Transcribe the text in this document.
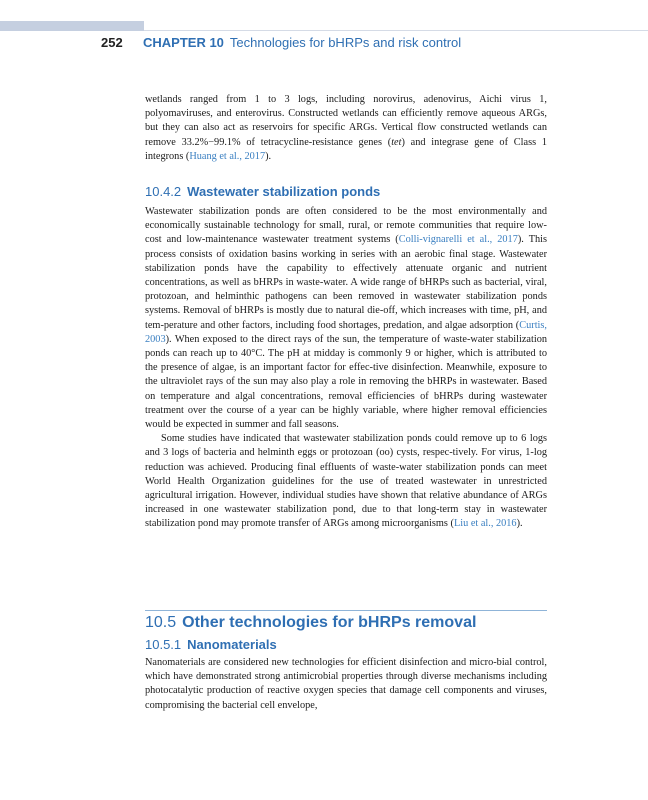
252	CHAPTER 10 Technologies for bHRPs and risk control

wetlands ranged from 1 to 3 logs, including norovirus, adenovirus, Aichi virus 1, polyomaviruses, and enterovirus. Constructed wetlands can efficiently remove aqueous ARGs, but they can also act as reservoirs for specific ARGs. Vertical flow constructed wetlands can remove 33.2%−99.1% of tetracycline-resistance genes (tet) and integrase gene of Class 1 integrons (Huang et al., 2017).

10.4.2 Wastewater stabilization ponds

Wastewater stabilization ponds are often considered to be the most environmentally and economically sustainable technology for small, rural, or remote communities that require low-cost and low-maintenance wastewater treatment systems (Colli-vignarelli et al., 2017). This process consists of oxidation basins working in series with an aerobic final stage. Wastewater stabilization ponds have the capability to effectively attenuate organic and nutrient concentrations, as well as bHRPs in waste-water. A wide range of bHRPs such as bacterial, viral, protozoan, and helminthic pathogens can been removed in wastewater stabilization ponds systems. Removal of bHRPs is mostly due to natural die-off, which increases with time, pH, and tem-perature and other factors, including food shortages, predation, and algae adsorption (Curtis, 2003). When exposed to the direct rays of the sun, the temperature of waste-water stabilization ponds can reach up to 40°C. The pH at midday is commonly 9 or higher, which is attributed to the presence of algae, is an important factor for effec-tive disinfection. Meanwhile, exposure to the ultraviolet rays of the sun may also play a role in removing the bHRPs in wastewater. Based on temperature and algal concentrations, removal efficiencies of bHRPs during wastewater treatment over the course of a year can be highly variable, where higher removal efficiencies would be expected in summer and fall seasons.

Some studies have indicated that wastewater stabilization ponds could remove up to 6 logs and 3 logs of bacteria and helminth eggs or protozoan (oo) cysts, respec-tively. For virus, 1-log reduction was achieved. Producing final effluents of waste-water stabilization ponds can meet World Health Organization guidelines for the use of treated wastewater in unrestricted agricultural irrigation. However, individual studies have shown that relative abundance of ARGs increased in one wastewater stabilization pond, due to that long-term stay in wastewater stabilization pond may promote transfer of ARGs among microorganisms (Liu et al., 2016).

10.5 Other technologies for bHRPs removal
10.5.1 Nanomaterials

Nanomaterials are considered new technologies for efficient disinfection and micro-bial control, which have demonstrated strong antimicrobial properties through diverse mechanisms including photocatalytic production of reactive oxygen species that damage cell components and viruses, compromising the bacterial cell envelope,
